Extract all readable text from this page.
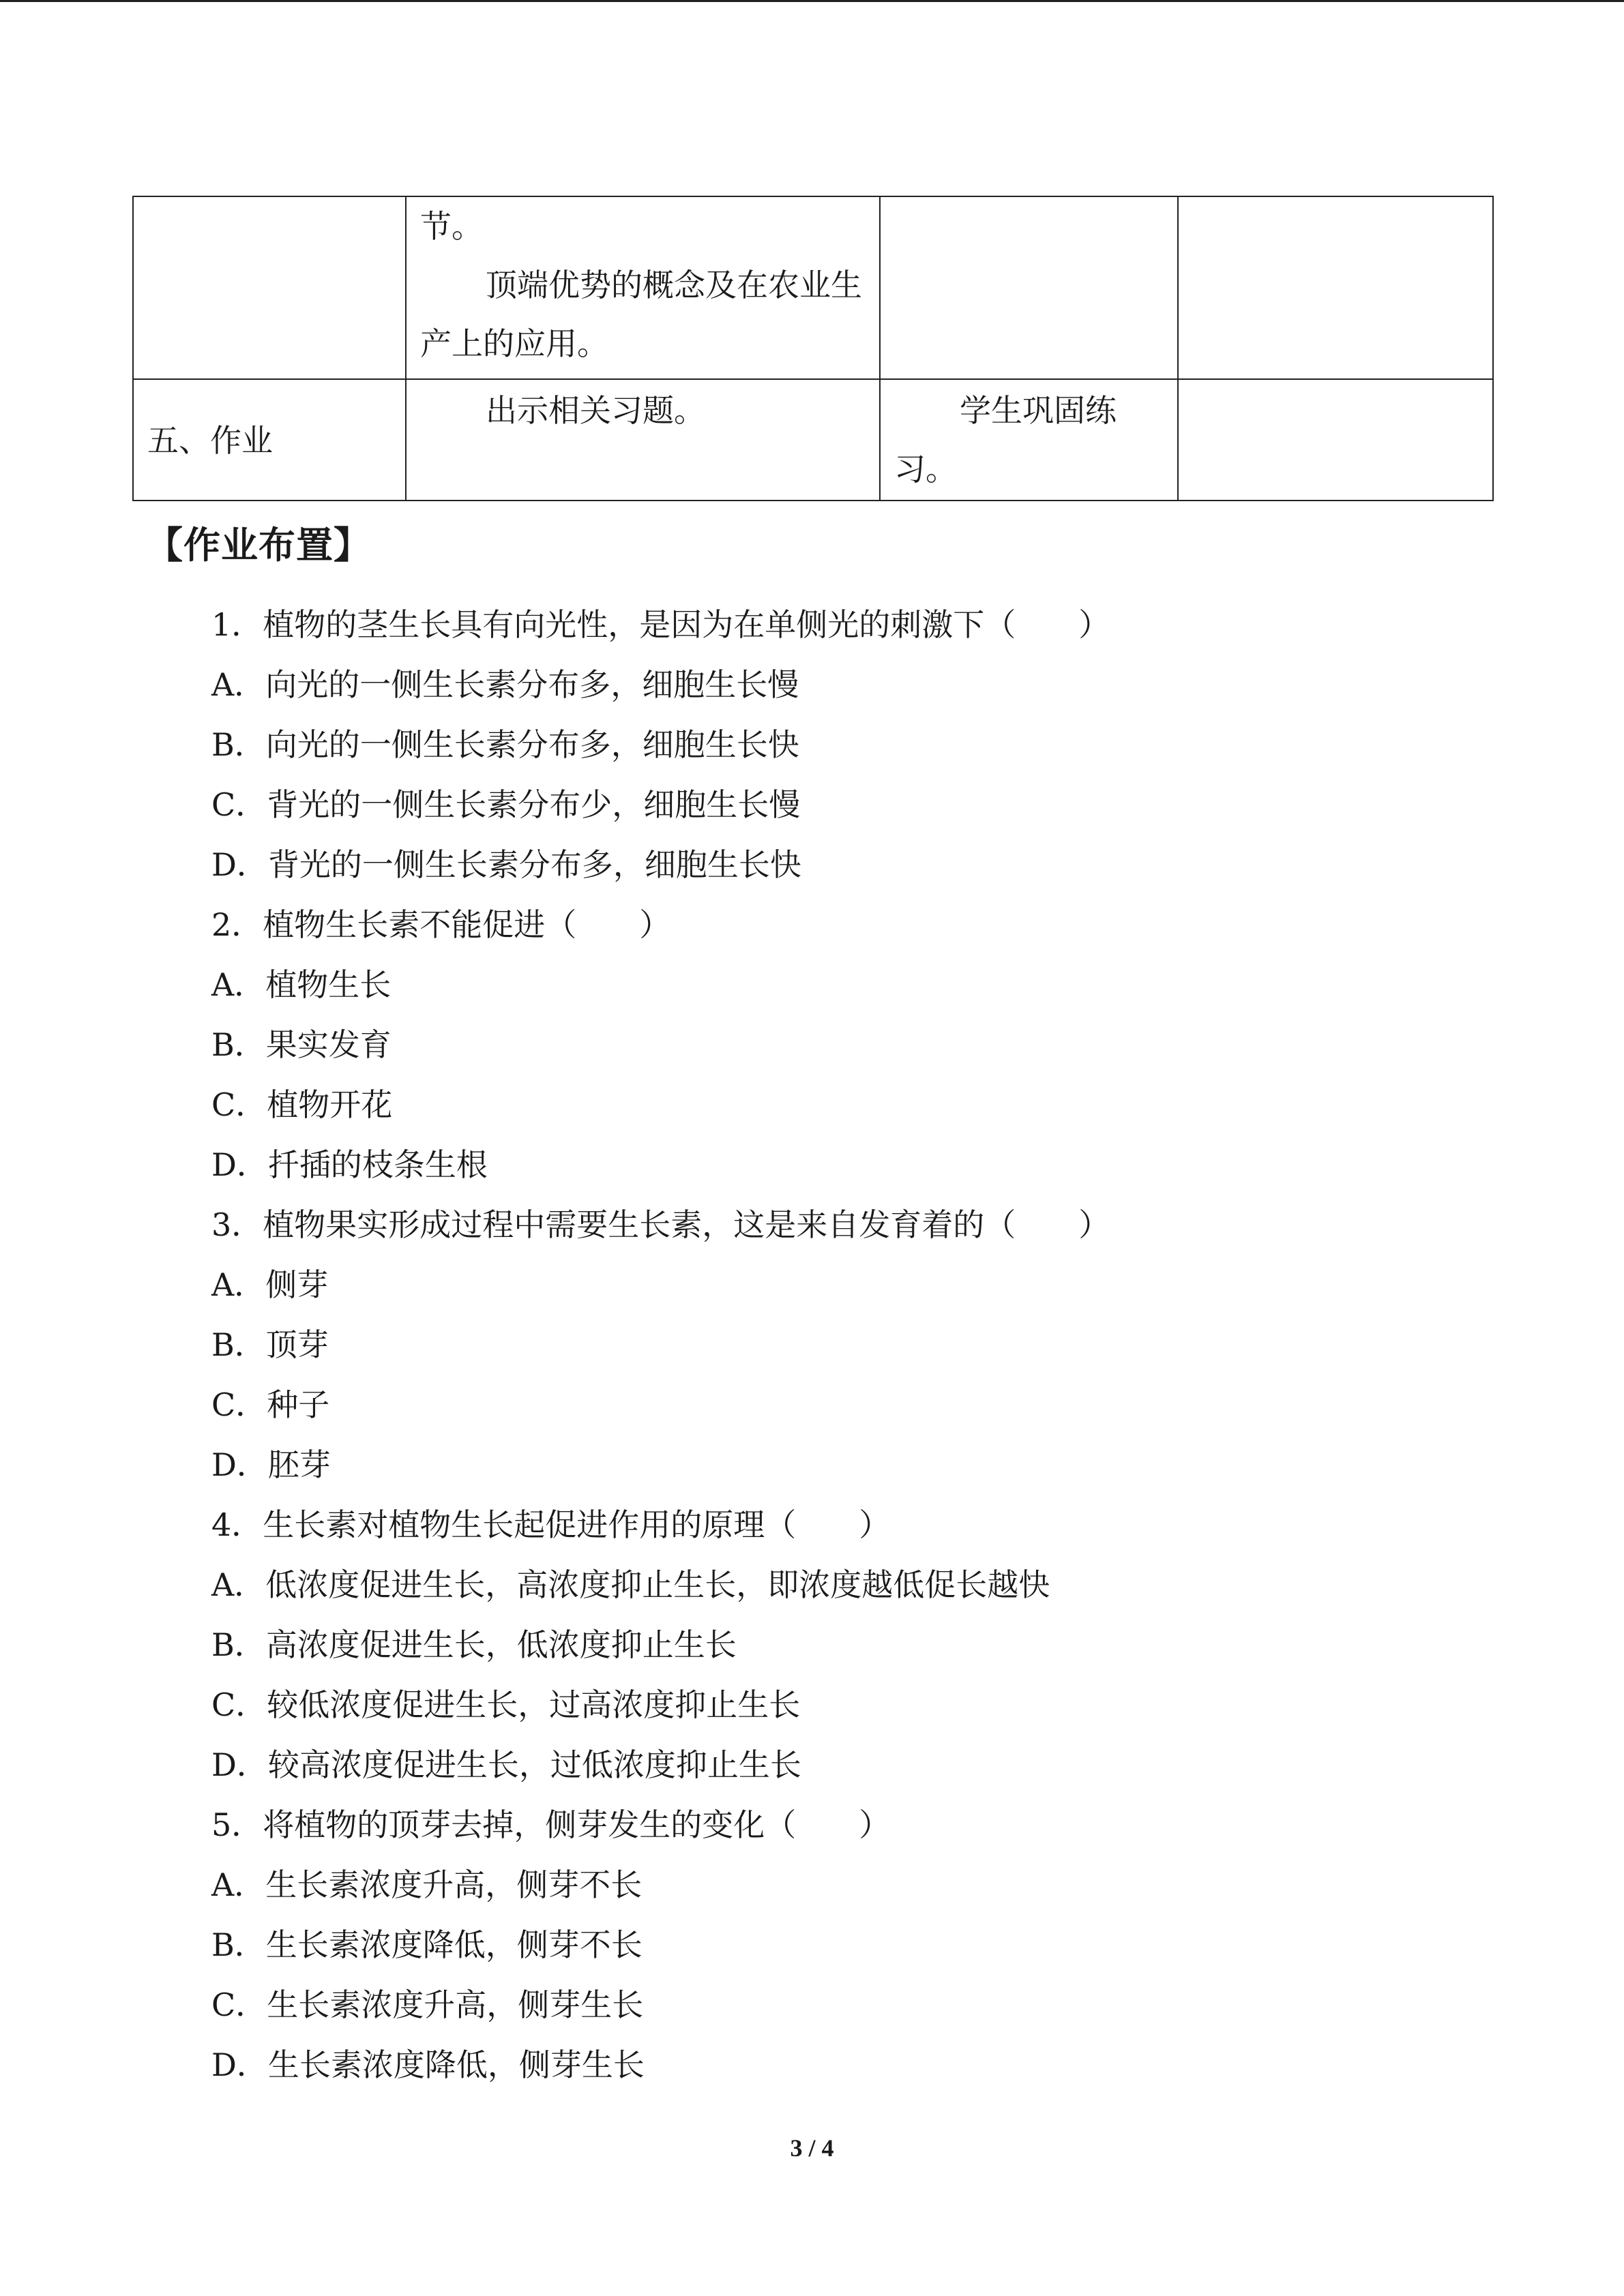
	节。

顶端优势的概念及在农业生产上的应用。		

五、作业	出示相关习题。	学生巩固练习。	

【作业布置】
1．植物的茎生长具有向光性，是因为在单侧光的刺激下（　　）
A．向光的一侧生长素分布多，细胞生长慢
B．向光的一侧生长素分布多，细胞生长快
C．背光的一侧生长素分布少，细胞生长慢
D．背光的一侧生长素分布多，细胞生长快
2．植物生长素不能促进（　　）
A．植物生长
B．果实发育
C．植物开花
D．扦插的枝条生根
3．植物果实形成过程中需要生长素，这是来自发育着的（　　）
A．侧芽
B．顶芽
C．种子
D．胚芽
4．生长素对植物生长起促进作用的原理（　　）
A．低浓度促进生长，高浓度抑止生长，即浓度越低促长越快
B．高浓度促进生长，低浓度抑止生长
C．较低浓度促进生长，过高浓度抑止生长
D．较高浓度促进生长，过低浓度抑止生长
5．将植物的顶芽去掉，侧芽发生的变化（　　）
A．生长素浓度升高，侧芽不长
B．生长素浓度降低，侧芽不长
C．生长素浓度升高，侧芽生长
D．生长素浓度降低，侧芽生长
3 / 4
